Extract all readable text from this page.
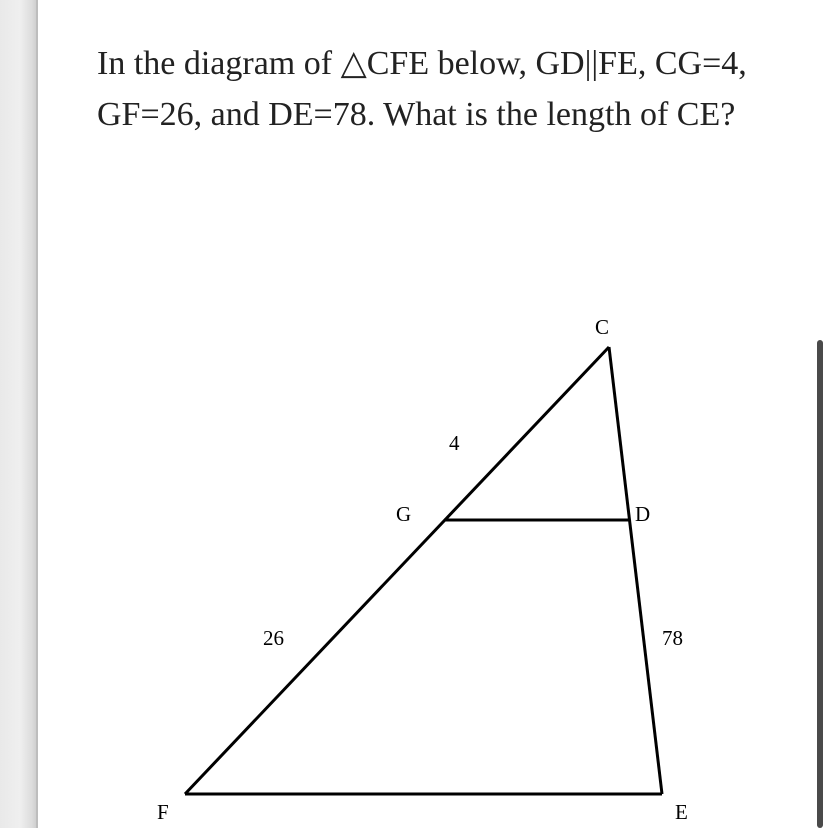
In the diagram of △CFE below, GD||FE, CG=4, GF=26, and DE=78. What is the length of CE?

C
F	E
G	D
4
26	78
